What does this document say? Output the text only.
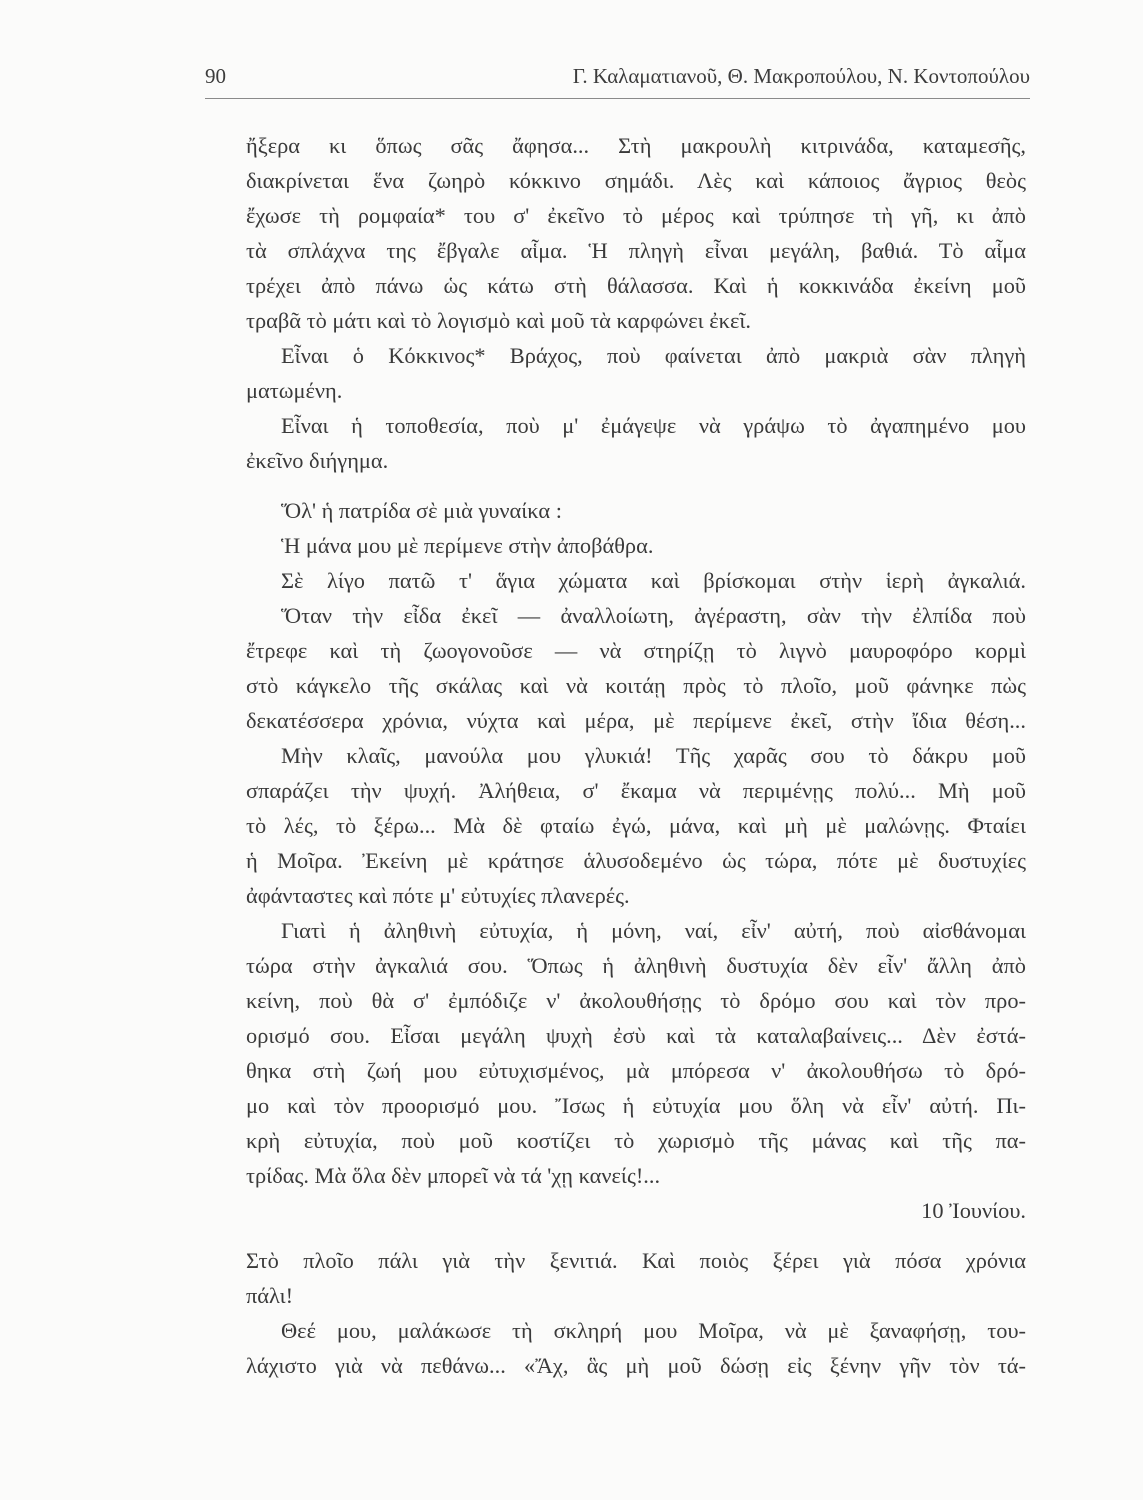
90	Γ. Καλαματιανοῦ, Θ. Μακροπούλου, Ν. Κοντοπούλου
ἤξερα κι ὅπως σᾶς ἄφησα... Στὴ μακρουλὴ κιτρινάδα, καταμεσῆς,
διακρίνεται ἕνα ζωηρὸ κόκκινο σημάδι. Λὲς καὶ κάποιος ἄγριος θεὸς
ἔχωσε τὴ ρομφαία* του σ' ἐκεῖνο τὸ μέρος καὶ τρύπησε τὴ γῆ, κι ἀπὸ
τὰ σπλάχνα της ἔβγαλε αἷμα. Ἡ πληγὴ εἶναι μεγάλη, βαθιά. Τὸ αἷμα
τρέχει ἀπὸ πάνω ὡς κάτω στὴ θάλασσα. Καὶ ἡ κοκκινάδα ἐκείνη μοῦ
τραβᾶ τὸ μάτι καὶ τὸ λογισμὸ καὶ μοῦ τὰ καρφώνει ἐκεῖ.
Εἶναι ὁ Κόκκινος* Βράχος, ποὺ φαίνεται ἀπὸ μακριὰ σὰν πληγὴ
ματωμένη.
Εἶναι ἡ τοποθεσία, ποὺ μ' ἐμάγεψε νὰ γράψω τὸ ἀγαπημένο μου
ἐκεῖνο διήγημα.
Ὅλ' ἡ πατρίδα σὲ μιὰ γυναίκα :
Ἡ μάνα μου μὲ περίμενε στὴν ἀποβάθρα.
Σὲ λίγο πατῶ τ' ἅγια χώματα καὶ βρίσκομαι στὴν ἱερὴ ἀγκαλιά.
Ὅταν τὴν εἶδα ἐκεῖ — ἀναλλοίωτη, ἀγέραστη, σὰν τὴν ἐλπίδα ποὺ
ἔτρεφε καὶ τὴ ζωογονοῦσε — νὰ στηρίζῃ τὸ λιγνὸ μαυροφόρο κορμὶ
στὸ κάγκελο τῆς σκάλας καὶ νὰ κοιτάῃ πρὸς τὸ πλοῖο, μοῦ φάνηκε πὼς
δεκατέσσερα χρόνια, νύχτα καὶ μέρα, μὲ περίμενε ἐκεῖ, στὴν ἴδια θέση...
Μὴν κλαῖς, μανούλα μου γλυκιά! Τῆς χαρᾶς σου τὸ δάκρυ μοῦ
σπαράζει τὴν ψυχή. Ἀλήθεια, σ' ἔκαμα νὰ περιμένῃς πολύ... Μὴ μοῦ
τὸ λές, τὸ ξέρω... Μὰ δὲ φταίω ἐγώ, μάνα, καὶ μὴ μὲ μαλώνῃς. Φταίει
ἡ Μοῖρα. Ἐκείνη μὲ κράτησε ἁλυσοδεμένο ὡς τώρα, πότε μὲ δυστυχίες
ἀφάνταστες καὶ πότε μ' εὐτυχίες πλανερές.
Γιατὶ ἡ ἀληθινὴ εὐτυχία, ἡ μόνη, ναί, εἶν' αὐτή, ποὺ αἰσθάνομαι
τώρα στὴν ἀγκαλιά σου. Ὅπως ἡ ἀληθινὴ δυστυχία δὲν εἶν' ἄλλη ἀπὸ
κείνη, ποὺ θὰ σ' ἐμπόδιζε ν' ἀκολουθήσῃς τὸ δρόμο σου καὶ τὸν προ-
ορισμό σου. Εἶσαι μεγάλη ψυχὴ ἐσὺ καὶ τὰ καταλαβαίνεις... Δὲν ἐστά-
θηκα στὴ ζωή μου εὐτυχισμένος, μὰ μπόρεσα ν' ἀκολουθήσω τὸ δρό-
μο καὶ τὸν προορισμό μου. Ἴσως ἡ εὐτυχία μου ὅλη νὰ εἶν' αὐτή. Πι-
κρὴ εὐτυχία, ποὺ μοῦ κοστίζει τὸ χωρισμὸ τῆς μάνας καὶ τῆς πα-
τρίδας. Μὰ ὅλα δὲν μπορεῖ νὰ τά 'χῃ κανείς!...
10 Ἰουνίου.
Στὸ πλοῖο πάλι γιὰ τὴν ξενιτιά. Καὶ ποιὸς ξέρει γιὰ πόσα χρόνια
πάλι!
Θεέ μου, μαλάκωσε τὴ σκληρή μου Μοῖρα, νὰ μὲ ξαναφήσῃ, του-
λάχιστο γιὰ νὰ πεθάνω... «Ἄχ, ἃς μὴ μοῦ δώσῃ εἰς ξένην γῆν τὸν τά-
